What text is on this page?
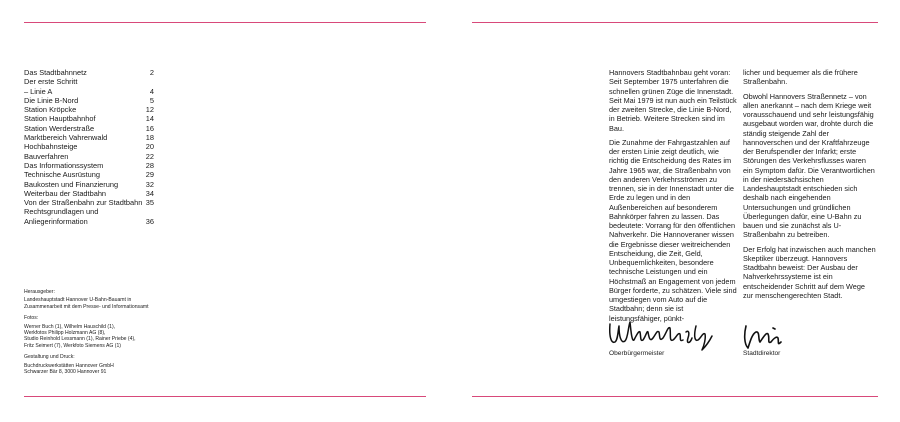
Das Stadtbahnnetz	2
Der erste Schritt
– Linie A	4
Die Linie B-Nord	5
Station Kröpcke	12
Station Hauptbahnhof	14
Station Werderstraße	16
Marktbereich Vahrenwald	18
Hochbahnsteige	20
Bauverfahren	22
Das Informationssystem	28
Technische Ausrüstung	29
Baukosten und Finanzierung	32
Weiterbau der Stadtbahn	34
Von der Straßenbahn zur Stadtbahn 35
Rechtsgrundlagen und
Anliegerinformation	36
Herausgeber:
Landeshauptstadt Hannover U-Bahn-Bauamt in
Zusammenarbeit mit dem Presse- und Informationsamt
Fotos:
Werner Buch (1), Wilhelm Hauschild (1),
Werkfotos Philipp Holzmann AG (8),
Studio Reinhold Lessmann (1), Rainer Priebe (4),
Fritz Seimert (7), Werkfoto Siemens AG (1)
Gestaltung und Druck:
Buchdruckwerkstätten Hannover GmbH
Schwarzer Bär 8, 3000 Hannover 91

Hannovers Stadtbahnbau geht voran: Seit September 1975 unterfahren die schnellen grünen Züge die Innenstadt. Seit Mai 1979 ist nun auch ein Teilstück der zweiten Strecke, die Linie B-Nord, in Betrieb. Weitere Strecken sind im Bau.

Die Zunahme der Fahrgastzahlen auf der ersten Linie zeigt deutlich, wie richtig die Entscheidung des Rates im Jahre 1965 war, die Straßenbahn von den anderen Verkehrsströmen zu trennen, sie in der Innenstadt unter die Erde zu legen und in den Außenbereichen auf besonderem Bahnkörper fahren zu lassen. Das bedeutete: Vorrang für den öffentlichen Nahverkehr. Die Hannoveraner wissen die Ergebnisse dieser weitreichenden Entscheidung, die Zeit, Geld, Unbequemlichkeiten, besondere technische Leistungen und ein Höchstmaß an Engagement von jedem Bürger forderte, zu schätzen. Viele sind umgestiegen vom Auto auf die Stadtbahn; denn sie ist leistungsfähiger, pünkt-

licher und bequemer als die frühere Straßenbahn.

Obwohl Hannovers Straßennetz – von allen anerkannt – nach dem Kriege weit vorausschauend und sehr leistungsfähig ausgebaut worden war, drohte durch die ständig steigende Zahl der hannoverschen und der Kraftfahrzeuge der Berufspendler der Infarkt; erste Störungen des Verkehrsflusses waren ein Symptom dafür. Die Verantwortlichen in der niedersächsischen Landeshauptstadt entschieden sich deshalb nach eingehenden Untersuchungen und gründlichen Überlegungen dafür, eine U-Bahn zu bauen und sie zunächst als U-Straßenbahn zu betreiben.

Der Erfolg hat inzwischen auch manchen Skeptiker überzeugt. Hannovers Stadtbahn beweist: Der Ausbau der Nahverkehrssysteme ist ein entscheidender Schritt auf dem Wege zur menschengerechten Stadt.

Oberbürgermeister	Stadtdirektor
